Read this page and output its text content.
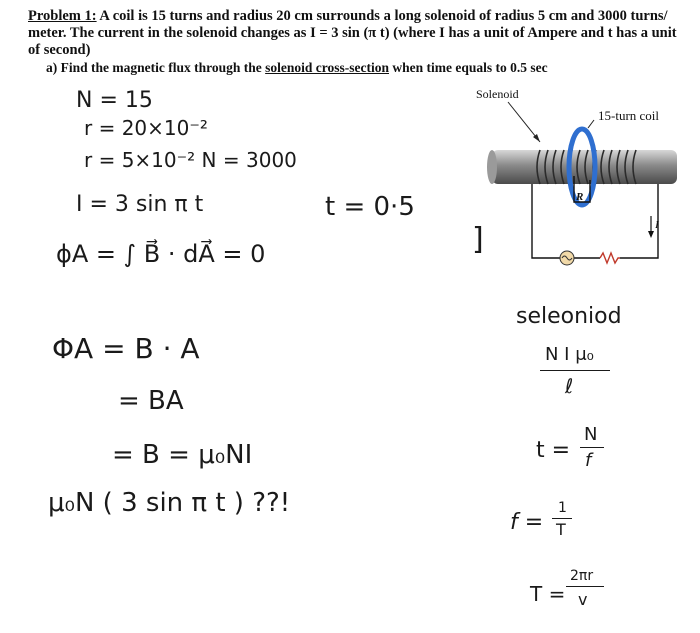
Problem 1: A coil is 15 turns and radius 20 cm surrounds a long solenoid of radius 5 cm and 3000 turns/ meter. The current in the solenoid changes as I = 3 sin (π t) (where I has a unit of Ampere and t has a unit of second)
a) Find the magnetic flux through the solenoid cross-section when time equals to 0.5 sec
Solenoid
15-turn coil
R
I
N = 15
r = 20×10⁻²
r = 5×10⁻² N = 3000
I = 3 sin π t	t = 0·5
ϕA = ∫ B⃗ · dA⃗ = 0
ΦA = B · A
= BA
= B = μ₀NI
μ₀N ( 3 sin π t ) ??!
]
seleoniod
N I μ₀
ℓ
t =
N
f
f =
1
T
T =
2πr
v
